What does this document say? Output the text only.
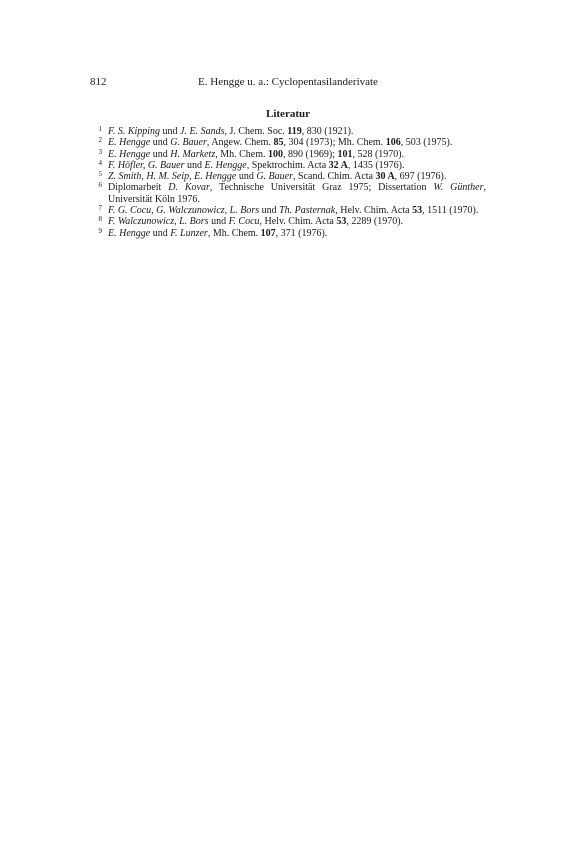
812	E. Hengge u. a.: Cyclopentasilanderivate
Literatur
1 F. S. Kipping und J. E. Sands, J. Chem. Soc. 119, 830 (1921).
2 E. Hengge und G. Bauer, Angew. Chem. 85, 304 (1973); Mh. Chem. 106, 503 (1975).
3 E. Hengge und H. Marketz, Mh. Chem. 100, 890 (1969); 101, 528 (1970).
4 F. Höfler, G. Bauer und E. Hengge, Spektrochim. Acta 32 A, 1435 (1976).
5 Z. Smith, H. M. Seip, E. Hengge und G. Bauer, Scand. Chim. Acta 30 A, 697 (1976).
6 Diplomarbeit D. Kovar, Technische Universität Graz 1975; Dissertation W. Günther, Universität Köln 1976.
7 F. G. Cocu, G. Walczunowicz, L. Bors und Th. Pasternak, Helv. Chim. Acta 53, 1511 (1970).
8 F. Walczunowicz, L. Bors und F. Cocu, Helv. Chim. Acta 53, 2289 (1970).
9 E. Hengge und F. Lunzer, Mh. Chem. 107, 371 (1976).
